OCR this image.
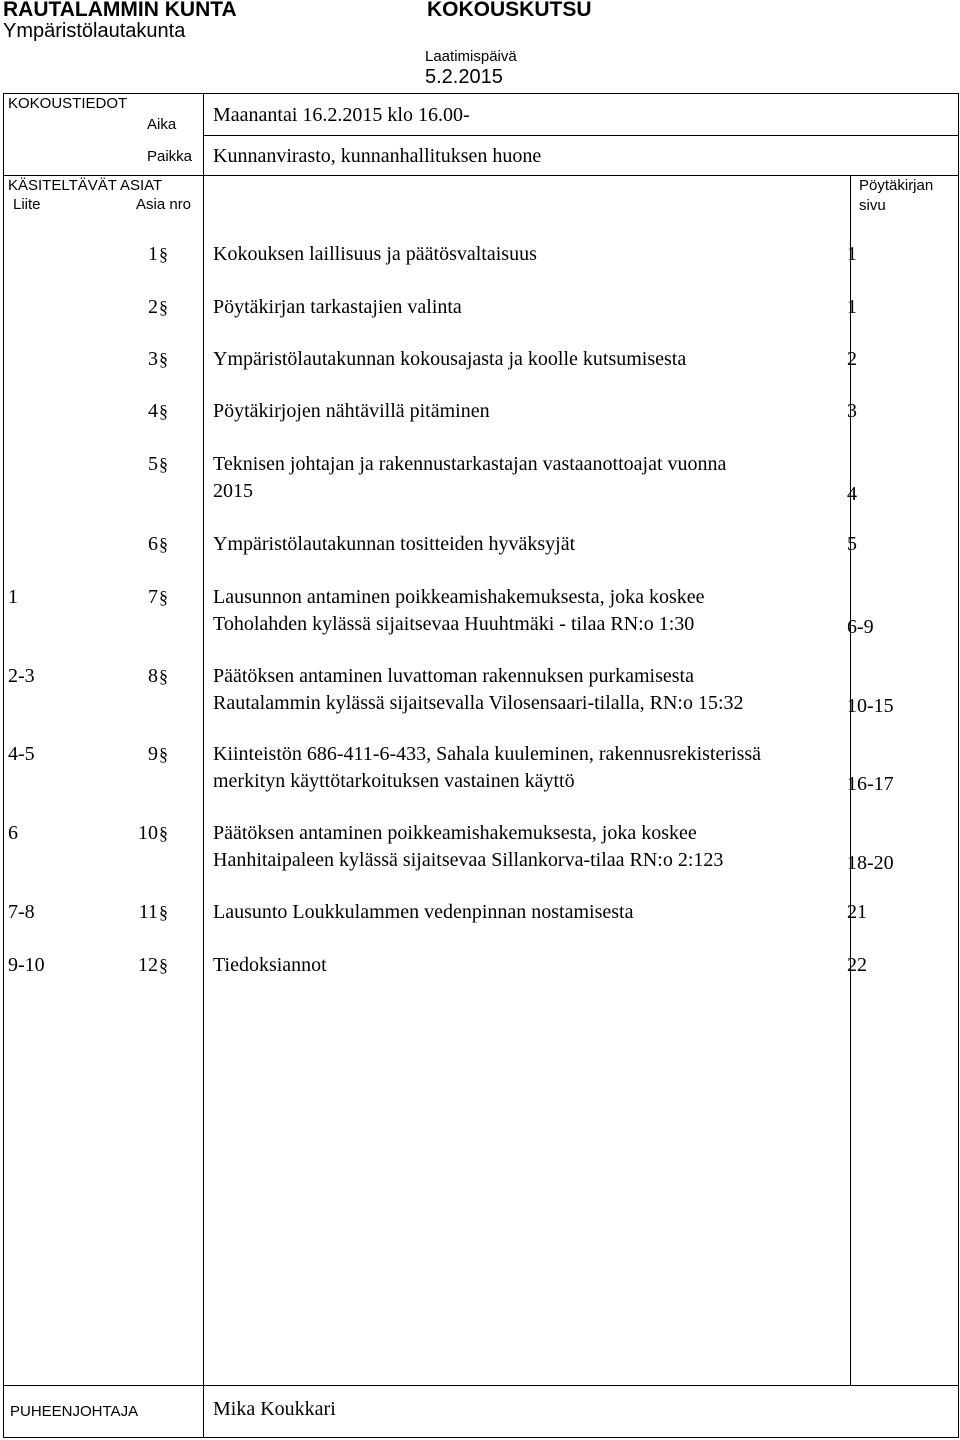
RAUTALAMMIN KUNTA
Ympäristölautakunta
KOKOUSKUTSU
Laatimispäivä
5.2.2015
KOKOUSTIEDOT
Aika Maanantai 16.2.2015 klo 16.00-
Paikka Kunnanvirasto, kunnanhallituksen huone
KÄSITELTÄVÄT ASIAT
Liite	Asia nro
Pöytäkirjan
sivu
1 § Kokouksen laillisuus ja päätösvaltaisuus	1
2 § Pöytäkirjan tarkastajien valinta	1
3 § Ympäristölautakunnan kokousajasta ja koolle kutsumisesta	2
4 § Pöytäkirjojen nähtävillä pitäminen	3
5 § Teknisen johtajan ja rakennustarkastajan vastaanottoajat vuonna
2015	4
6 § Ympäristölautakunnan tositteiden hyväksyjät	5
1	7 § Lausunnon antaminen poikkeamishakemuksesta, joka koskee
Toholahden kylässä sijaitsevaa Huuhtmäki - tilaa RN:o 1:30	6-9
2-3	8 § Päätöksen antaminen luvattoman rakennuksen purkamisesta
Rautalammin kylässä sijaitsevalla Vilosensaari-tilalla, RN:o 15:32	10-15
4-5	9 § Kiinteistön 686-411-6-433, Sahala kuuleminen, rakennusrekisterissä
merkityn käyttötarkoituksen vastainen käyttö	16-17
6	10 § Päätöksen antaminen poikkeamishakemuksesta, joka koskee
Hanhitaipaleen kylässä sijaitsevaa Sillankorva-tilaa RN:o 2:123	18-20
7-8	11 § Lausunto Loukkulammen vedenpinnan nostamisesta	21
9-10	12 § Tiedoksiannot	22
PUHEENJOHTAJA	Mika Koukkari
